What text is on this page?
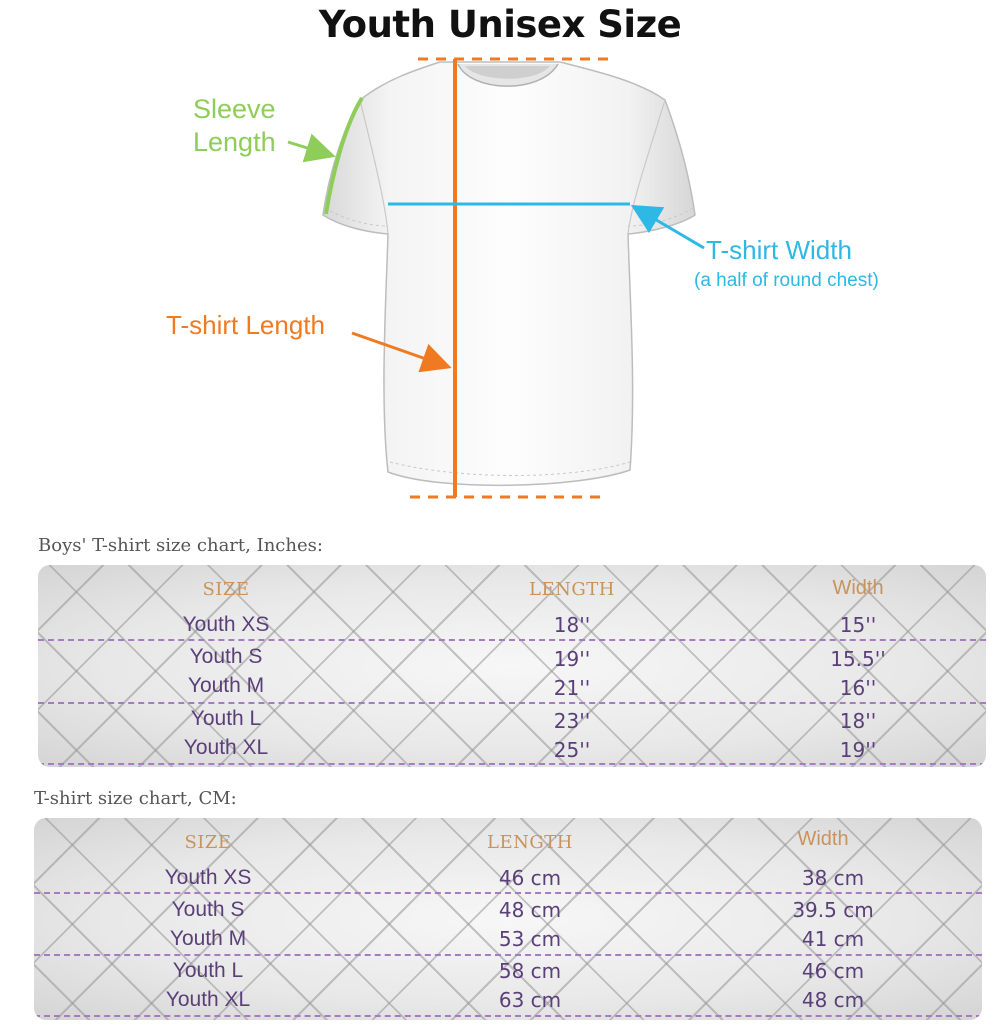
Sleeve
Length
T-shirt Width
(a half of round chest)
T-shirt Length
Youth Unisex Size
Boys' T-shirt size chart, Inches:
SIZE	LENGTH	Width
Youth XS	18''	15''
Youth S	19''	15.5''
Youth M	21''	16''
Youth L	23''	18''
Youth XL	25''	19''
T-shirt size chart, CM:
SIZE	LENGTH	Width
Youth XS	46 cm	38 cm
Youth S	48 cm	39.5 cm
Youth M	53 cm	41 cm
Youth L	58 cm	46 cm
Youth XL	63 cm	48 cm
